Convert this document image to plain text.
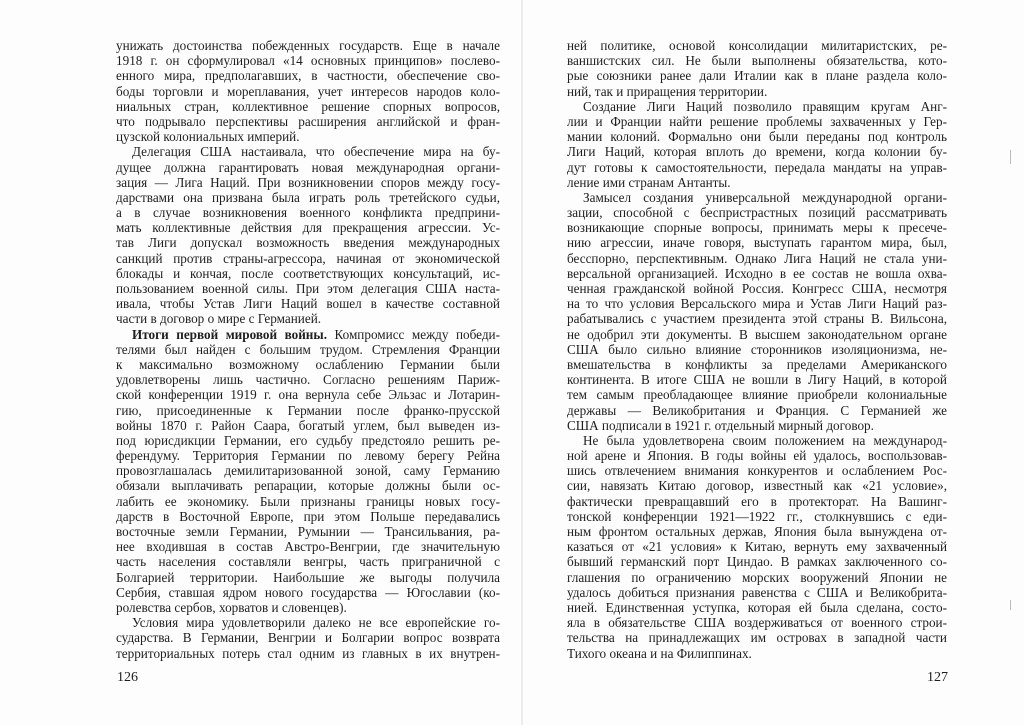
унижать достоинства побежденных государств. Еще в начале
1918 г. он сформулировал «14 основных принципов» послево-
енного мира, предполагавших, в частности, обеспечение сво-
боды торговли и мореплавания, учет интересов народов коло-
ниальных стран, коллективное решение спорных вопросов,
что подрывало перспективы расширения английской и фран-
цузской колониальных империй.
Делегация США настаивала, что обеспечение мира на бу-
дущее должна гарантировать новая международная органи-
зация — Лига Наций. При возникновении споров между госу-
дарствами она призвана была играть роль третейского судьи,
а в случае возникновения военного конфликта предприни-
мать коллективные действия для прекращения агрессии. Ус-
тав Лиги допускал возможность введения международных
санкций против страны-агрессора, начиная от экономической
блокады и кончая, после соответствующих консультаций, ис-
пользованием военной силы. При этом делегация США наста-
ивала, чтобы Устав Лиги Наций вошел в качестве составной
части в договор о мире с Германией.
Итоги первой мировой войны. Компромисс между победи-
телями был найден с большим трудом. Стремления Франции
к максимально возможному ослаблению Германии были
удовлетворены лишь частично. Согласно решениям Париж-
ской конференции 1919 г. она вернула себе Эльзас и Лотарин-
гию, присоединенные к Германии после франко-прусской
войны 1870 г. Район Саара, богатый углем, был выведен из-
под юрисдикции Германии, его судьбу предстояло решить ре-
ферендуму. Территория Германии по левому берегу Рейна
провозглашалась демилитаризованной зоной, саму Германию
обязали выплачивать репарации, которые должны были ос-
лабить ее экономику. Были признаны границы новых госу-
дарств в Восточной Европе, при этом Польше передавались
восточные земли Германии, Румынии — Трансильвания, ра-
нее входившая в состав Австро-Венгрии, где значительную
часть населения составляли венгры, часть приграничной с
Болгарией территории. Наибольшие же выгоды получила
Сербия, ставшая ядром нового государства — Югославии (ко-
ролевства сербов, хорватов и словенцев).
Условия мира удовлетворили далеко не все европейские го-
сударства. В Германии, Венгрии и Болгарии вопрос возврата
территориальных потерь стал одним из главных в их внутрен-
ней политике, основой консолидации милитаристских, ре-
ваншистских сил. Не были выполнены обязательства, кото-
рые союзники ранее дали Италии как в плане раздела коло-
ний, так и приращения территории.
Создание Лиги Наций позволило правящим кругам Анг-
лии и Франции найти решение проблемы захваченных у Гер-
мании колоний. Формально они были переданы под контроль
Лиги Наций, которая вплоть до времени, когда колонии бу-
дут готовы к самостоятельности, передала мандаты на управ-
ление ими странам Антанты.
Замысел создания универсальной международной органи-
зации, способной с беспристрастных позиций рассматривать
возникающие спорные вопросы, принимать меры к пресече-
нию агрессии, иначе говоря, выступать гарантом мира, был,
бесспорно, перспективным. Однако Лига Наций не стала уни-
версальной организацией. Исходно в ее состав не вошла охва-
ченная гражданской войной Россия. Конгресс США, несмотря
на то что условия Версальского мира и Устав Лиги Наций раз-
рабатывались с участием президента этой страны В. Вильсона,
не одобрил эти документы. В высшем законодательном органе
США было сильно влияние сторонников изоляционизма, не-
вмешательства в конфликты за пределами Американского
континента. В итоге США не вошли в Лигу Наций, в которой
тем самым преобладающее влияние приобрели колониальные
державы — Великобритания и Франция. С Германией же
США подписали в 1921 г. отдельный мирный договор.
Не была удовлетворена своим положением на международ-
ной арене и Япония. В годы войны ей удалось, воспользовав-
шись отвлечением внимания конкурентов и ослаблением Рос-
сии, навязать Китаю договор, известный как «21 условие»,
фактически превращавший его в протекторат. На Вашинг-
тонской конференции 1921—1922 гг., столкнувшись с еди-
ным фронтом остальных держав, Япония была вынуждена от-
казаться от «21 условия» к Китаю, вернуть ему захваченный
бывший германский порт Циндао. В рамках заключенного со-
глашения по ограничению морских вооружений Японии не
удалось добиться признания равенства с США и Великобрита-
нией. Единственная уступка, которая ей была сделана, состо-
яла в обязательстве США воздерживаться от военного строи-
тельства на принадлежащих им островах в западной части
Тихого океана и на Филиппинах.
126	127
